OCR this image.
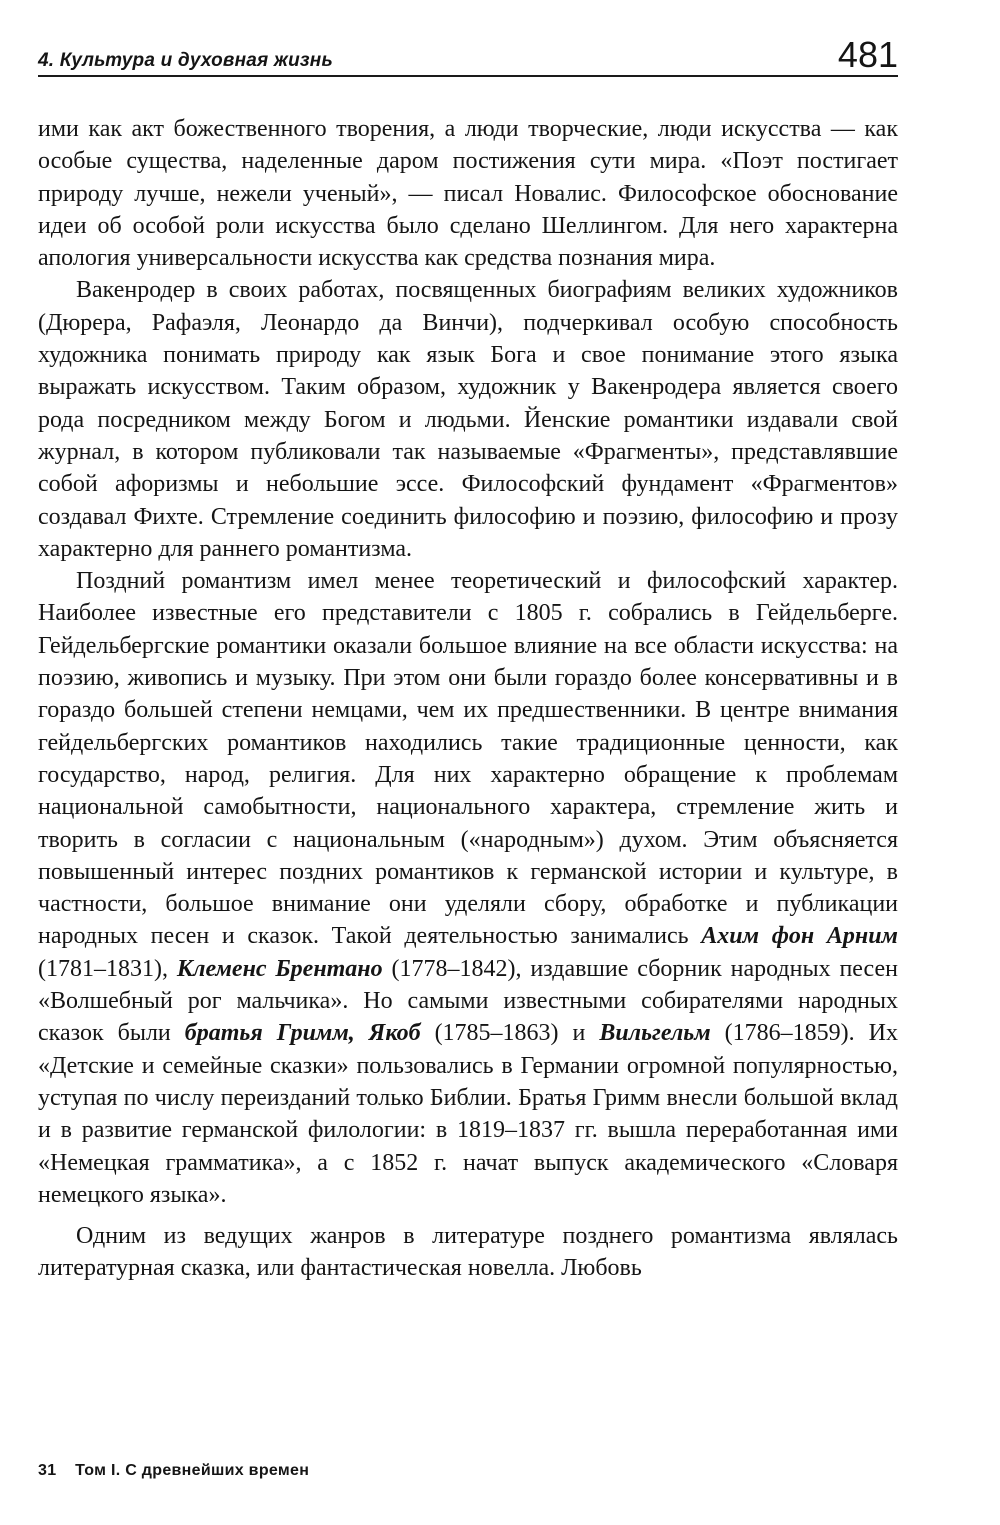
4. Культура и духовная жизнь	481

ими как акт божественного творения, а люди творческие, люди искусства — как особые существа, наделенные даром постижения сути мира. «Поэт постигает природу лучше, нежели ученый», — писал Новалис. Философское обоснование идеи об особой роли искусства было сделано Шеллингом. Для него характерна апология универсальности искусства как средства познания мира.

Вакенродер в своих работах, посвященных биографиям великих художников (Дюрера, Рафаэля, Леонардо да Винчи), подчеркивал особую способность художника понимать природу как язык Бога и свое понимание этого языка выражать искусством. Таким образом, художник у Вакенродера является своего рода посредником между Богом и людьми. Йенские романтики издавали свой журнал, в котором публиковали так называемые «Фрагменты», представлявшие собой афоризмы и небольшие эссе. Философский фундамент «Фрагментов» создавал Фихте. Стремление соединить философию и поэзию, философию и прозу характерно для раннего романтизма.

Поздний романтизм имел менее теоретический и философский характер. Наиболее известные его представители с 1805 г. собрались в Гейдельберге. Гейдельбергские романтики оказали большое влияние на все области искусства: на поэзию, живопись и музыку. При этом они были гораздо более консервативны и в гораздо большей степени немцами, чем их предшественники. В центре внимания гейдельбергских романтиков находились такие традиционные ценности, как государство, народ, религия. Для них характерно обращение к проблемам национальной самобытности, национального характера, стремление жить и творить в согласии с национальным («народным») духом. Этим объясняется повышенный интерес поздних романтиков к германской истории и культуре, в частности, большое внимание они уделяли сбору, обработке и публикации народных песен и сказок. Такой деятельностью занимались Ахим фон Арним (1781–1831), Клеменс Брентано (1778–1842), издавшие сборник народных песен «Волшебный рог мальчика». Но самыми известными собирателями народных сказок были братья Гримм, Якоб (1785–1863) и Вильгельм (1786–1859). Их «Детские и семейные сказки» пользовались в Германии огромной популярностью, уступая по числу переизданий только Библии. Братья Гримм внесли большой вклад и в развитие германской филологии: в 1819–1837 гг. вышла переработанная ими «Немецкая грамматика», а с 1852 г. начат выпуск академического «Словаря немецкого языка».

Одним из ведущих жанров в литературе позднего романтизма являлась литературная сказка, или фантастическая новелла. Любовь

31 Том I. С древнейших времен
